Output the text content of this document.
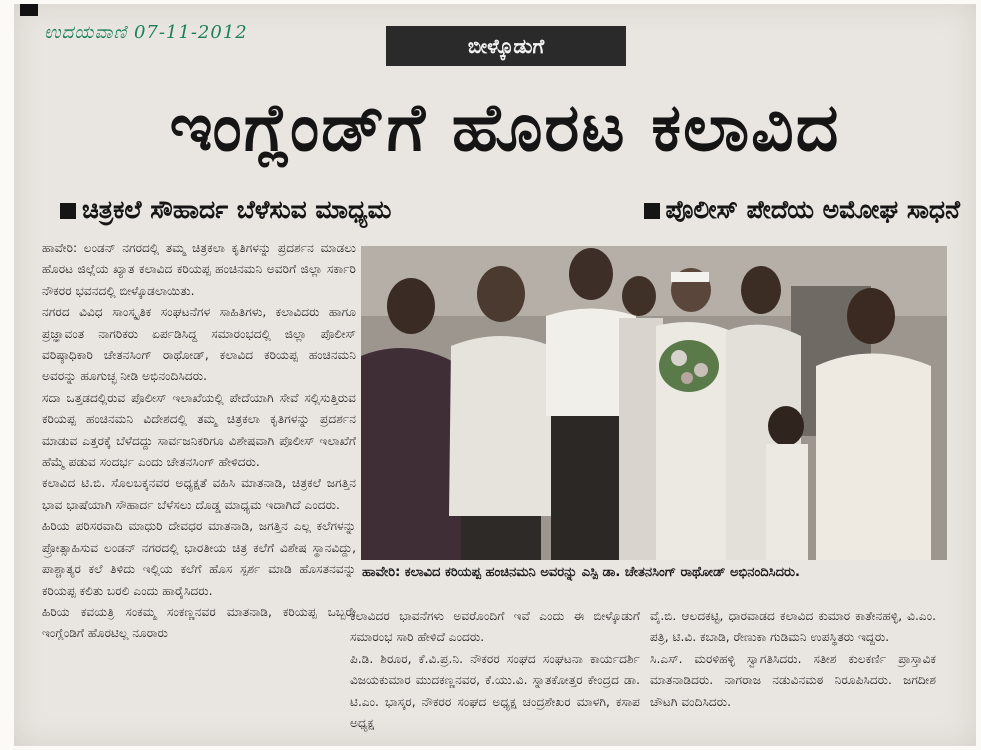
ಉದಯವಾಣಿ 07-11-2012
ಬೀಳ್ಕೊಡುಗೆ
ಇಂಗ್ಲೆಂಡ್‌ಗೆ ಹೊರಟ ಕಲಾವಿದ
ಚಿತ್ರಕಲೆ ಸೌಹಾರ್ದ ಬೆಳೆಸುವ ಮಾಧ್ಯಮ	ಪೊಲೀಸ್ ಪೇದೆಯ ಅಮೋಘ ಸಾಧನೆ

ಹಾವೇರಿ: ಲಂಡನ್ ನಗರದಲ್ಲಿ ತಮ್ಮ ಚಿತ್ರಕಲಾ ಕೃತಿಗಳನ್ನು ಪ್ರದರ್ಶನ ಮಾಡಲು ಹೊರಟ ಜಿಲ್ಲೆಯ ಖ್ಯಾತ ಕಲಾವಿದ ಕರಿಯಪ್ಪ ಹಂಚಿನಮನಿ ಅವರಿಗೆ ಜಿಲ್ಲಾ ಸರ್ಕಾರಿ ನೌಕರರ ಭವನದಲ್ಲಿ ಬೀಳ್ಕೊಡಲಾಯಿತು.

ನಗರದ ವಿವಿಧ ಸಾಂಸ್ಕೃತಿಕ ಸಂಘಟನೆಗಳ ಸಾಹಿತಿಗಳು, ಕಲಾವಿದರು ಹಾಗೂ ಪ್ರಜ್ಞಾವಂತ ನಾಗರಿಕರು ಏರ್ಪಡಿಸಿದ್ದ ಸಮಾರಂಭದಲ್ಲಿ ಜಿಲ್ಲಾ ಪೊಲೀಸ್ ವರಿಷ್ಠಾಧಿಕಾರಿ ಚೇತನಸಿಂಗ್ ರಾಥೋಡ್, ಕಲಾವಿದ ಕರಿಯಪ್ಪ ಹಂಚಿನಮನಿ ಅವರನ್ನು ಹೂಗುಚ್ಛ ನೀಡಿ ಅಭಿನಂದಿಸಿದರು.

ಸದಾ ಒತ್ತಡದಲ್ಲಿರುವ ಪೊಲೀಸ್ ಇಲಾಖೆಯಲ್ಲಿ ಪೇದೆಯಾಗಿ ಸೇವೆ ಸಲ್ಲಿಸುತ್ತಿರುವ ಕರಿಯಪ್ಪ ಹಂಚಿನಮನಿ ವಿದೇಶದಲ್ಲಿ ತಮ್ಮ ಚಿತ್ರಕಲಾ ಕೃತಿಗಳನ್ನು ಪ್ರದರ್ಶನ ಮಾಡುವ ಎತ್ತರಕ್ಕೆ ಬೆಳೆದದ್ದು ಸಾರ್ವಜನಿಕರಿಗೂ ವಿಶೇಷವಾಗಿ ಪೊಲೀಸ್ ಇಲಾಖೆಗೆ ಹೆಮ್ಮೆ ಪಡುವ ಸಂದರ್ಭ ಎಂದು ಚೇತನಸಿಂಗ್ ಹೇಳಿದರು.

ಕಲಾವಿದ ಟಿ.ಬಿ. ಸೊಲಬಕ್ಕನವರ ಅಧ್ಯಕ್ಷತೆ ವಹಿಸಿ ಮಾತನಾಡಿ, ಚಿತ್ರಕಲೆ ಜಗತ್ತಿನ ಭಾವ ಭಾಷೆಯಾಗಿ ಸೌಹಾರ್ದ ಬೆಳೆಸಲು ದೊಡ್ಡ ಮಾಧ್ಯಮ ಇದಾಗಿದೆ ಎಂದರು.

ಹಿರಿಯ ಪರಿಸರವಾದಿ ಮಾಧುರಿ ದೇವಧರ ಮಾತನಾಡಿ, ಜಗತ್ತಿನ ಎಲ್ಲ ಕಲೆಗಳನ್ನು ಪ್ರೋತ್ಸಾಹಿಸುವ ಲಂಡನ್ ನಗರದಲ್ಲಿ ಭಾರತೀಯ ಚಿತ್ರ ಕಲೆಗೆ ವಿಶೇಷ ಸ್ಥಾನವಿದ್ದು, ಪಾಶ್ಚಾತ್ಯರ ಕಲೆ ತಿಳಿದು ಇಲ್ಲಿಯ ಕಲೆಗೆ ಹೊಸ ಸ್ಪರ್ಶ ಮಾಡಿ ಹೊಸತನವನ್ನು ಕರಿಯಪ್ಪ ಕಲಿತು ಬರಲಿ ಎಂದು ಹಾರೈಸಿದರು.

ಹಿರಿಯ ಕವಯತ್ರಿ ಸಂಕಮ್ಮ ಸಂಕಣ್ಣನವರ ಮಾತನಾಡಿ, ಕರಿಯಪ್ಪ ಒಬ್ಬರೇ ಇಂಗ್ಲೆಂಡಿಗೆ ಹೊರಟಿಲ್ಲ ನೂರಾರು

ಹಾವೇರಿ: ಕಲಾವಿದ ಕರಿಯಪ್ಪ ಹಂಚಿನಮನಿ ಅವರನ್ನು ಎಸ್ಪಿ ಡಾ. ಚೇತನಸಿಂಗ್ ರಾಥೋಡ್ ಅಭಿನಂದಿಸಿದರು.

ಕಲಾವಿದರ ಭಾವನೆಗಳು ಅವರೊಂದಿಗೆ ಇವೆ ಎಂದು ಈ ಬೀಳ್ಕೊಡುಗೆ ಸಮಾರಂಭ ಸಾರಿ ಹೇಳಿದೆ ಎಂದರು.

ಪಿ.ಡಿ. ಶಿರೂರ, ಕೆ.ವಿ.ಪ್ರ.ನಿ. ನೌಕರರ ಸಂಘದ ಸಂಘಟನಾ ಕಾರ್ಯದರ್ಶಿ ವಿಜಯಕುಮಾರ ಮುದಕಣ್ಣನವರ, ಕೆ.ಯು.ವಿ. ಸ್ನಾತಕೋತ್ತರ ಕೇಂದ್ರದ ಡಾ. ಟಿ.ಎಂ. ಭಾಸ್ಕರ, ನೌಕರರ ಸಂಘದ ಅಧ್ಯಕ್ಷ ಚಂದ್ರಶೇಖರ ಮಾಳಗಿ, ಕಸಾಪ ಅಧ್ಯಕ್ಷ

ವೈ.ಬಿ. ಆಲದಕಟ್ಟಿ, ಧಾರವಾಡದ ಕಲಾವಿದ ಕುಮಾರ ಕಾತೇನಹಳ್ಳಿ, ವಿ.ಎಂ. ಪತ್ರಿ, ಟಿ.ವಿ. ಕಬಾಡಿ, ರೇಣುಕಾ ಗುಡಿಮನಿ ಉಪಸ್ಥಿತರು ಇದ್ದರು.

ಸಿ.ಎಸ್. ಮರಳಿಹಳ್ಳಿ ಸ್ವಾಗತಿಸಿದರು. ಸತೀಶ ಕುಲಕರ್ಣಿ ಪ್ರಾಸ್ತಾವಿಕ ಮಾತನಾಡಿದರು. ನಾಗರಾಜ ನಡುವಿನಮಠ ನಿರೂಪಿಸಿದರು. ಜಗದೀಶ ಚೌಟಗಿ ವಂದಿಸಿದರು.
